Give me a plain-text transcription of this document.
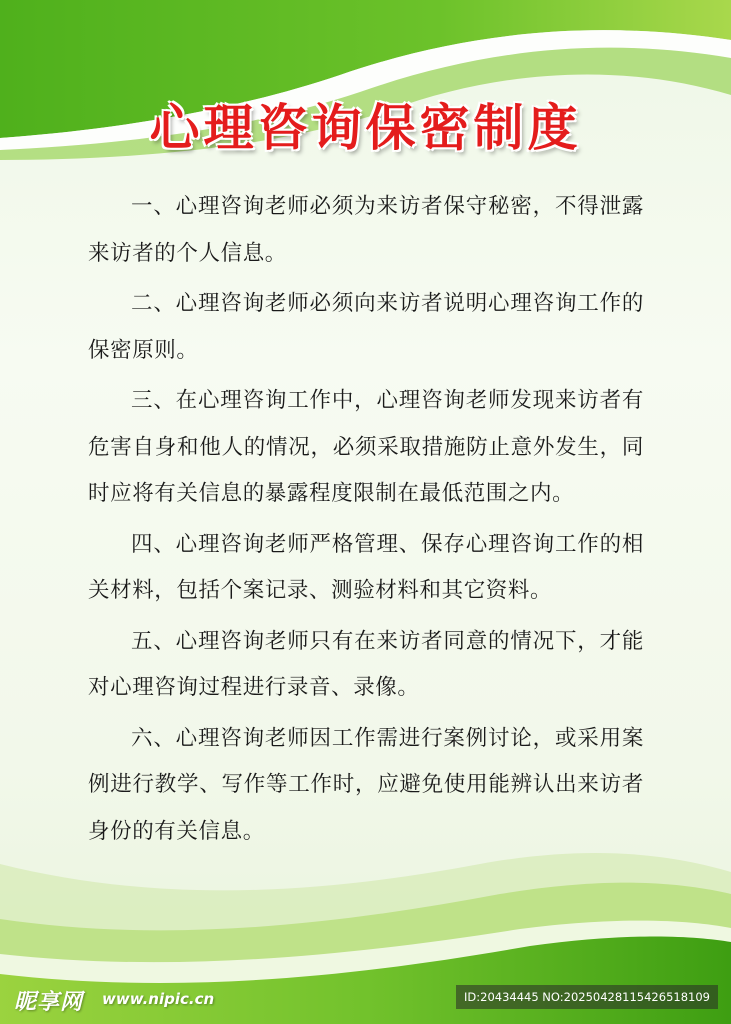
心理咨询保密制度

一、心理咨询老师必须为来访者保守秘密，不得泄露来访者的个人信息。

二、心理咨询老师必须向来访者说明心理咨询工作的保密原则。

三、在心理咨询工作中，心理咨询老师发现来访者有危害自身和他人的情况，必须采取措施防止意外发生，同时应将有关信息的暴露程度限制在最低范围之内。

四、心理咨询老师严格管理、保存心理咨询工作的相关材料，包括个案记录、测验材料和其它资料。

五、心理咨询老师只有在来访者同意的情况下，才能对心理咨询过程进行录音、录像。

六、心理咨询老师因工作需进行案例讨论，或采用案例进行教学、写作等工作时，应避免使用能辨认出来访者身份的有关信息。

昵享网 www.nipic.cn	ID:20434445 NO:20250428115426518109
